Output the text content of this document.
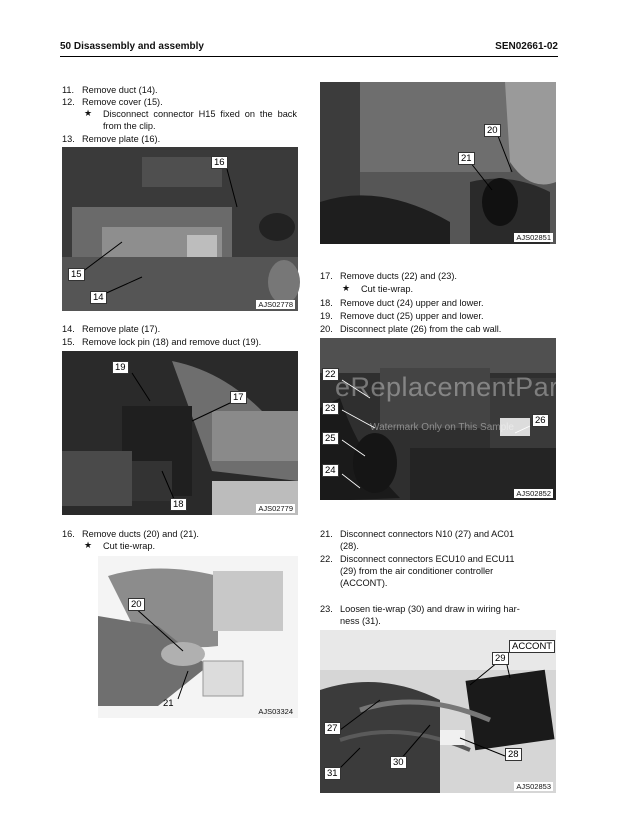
50 Disassembly and assembly	SEN02661-02
11. Remove duct (14).
12. Remove cover (15).
★ Disconnect connector H15 fixed on the back from the clip.
13. Remove plate (16).
16
15
14
AJS02778
14. Remove plate (17).
15. Remove lock pin (18) and remove duct (19).
19
17
18	AJS02779
16. Remove ducts (20) and (21).
★ Cut tie-wrap.
20
21
AJS03324
20
21
AJS02851
17. Remove ducts (22) and (23).
★ Cut tie-wrap.
18. Remove duct (24) upper and lower.
19. Remove duct (25) upper and lower.
20. Disconnect plate (26) from the cab wall.
22
23
25
24
26
AJS02852
eReplacementParts.com
Watermark Only on This Sample
21. Disconnect connectors N10 (27) and AC01
(28).
22. Disconnect connectors ECU10 and ECU11
(29) from the air conditioner controller
(ACCONT).
23. Loosen tie-wrap (30) and draw in wiring har-
ness (31).
ACCONT
29
27
28
30
31
AJS02853
